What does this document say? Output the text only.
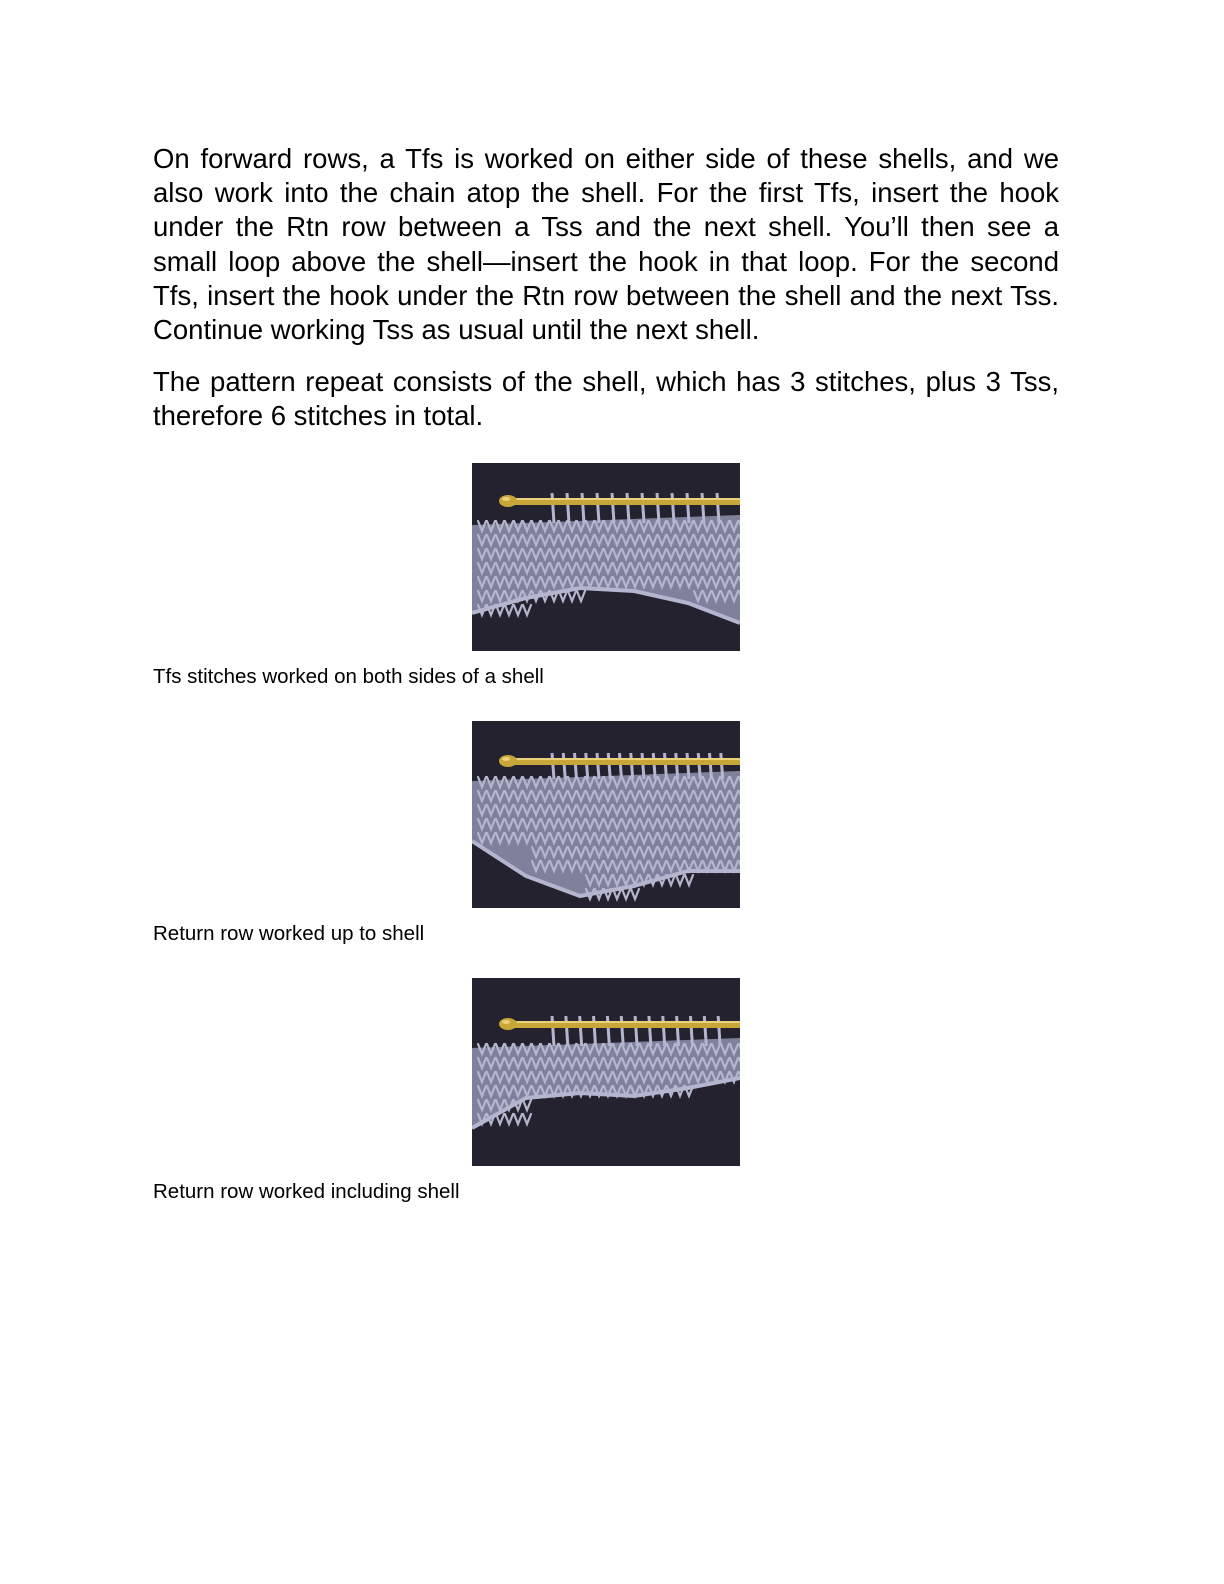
On forward rows, a Tfs is worked on either side of these shells, and we also work into the chain atop the shell. For the first Tfs, insert the hook under the Rtn row between a Tss and the next shell. You’ll then see a small loop above the shell—insert the hook in that loop. For the second Tfs, insert the hook under the Rtn row between the shell and the next Tss. Continue working Tss as usual until the next shell.

The pattern repeat consists of the shell, which has 3 stitches, plus 3 Tss, therefore 6 stitches in total.

Tfs stitches worked on both sides of a shell

Return row worked up to shell

Return row worked including shell
